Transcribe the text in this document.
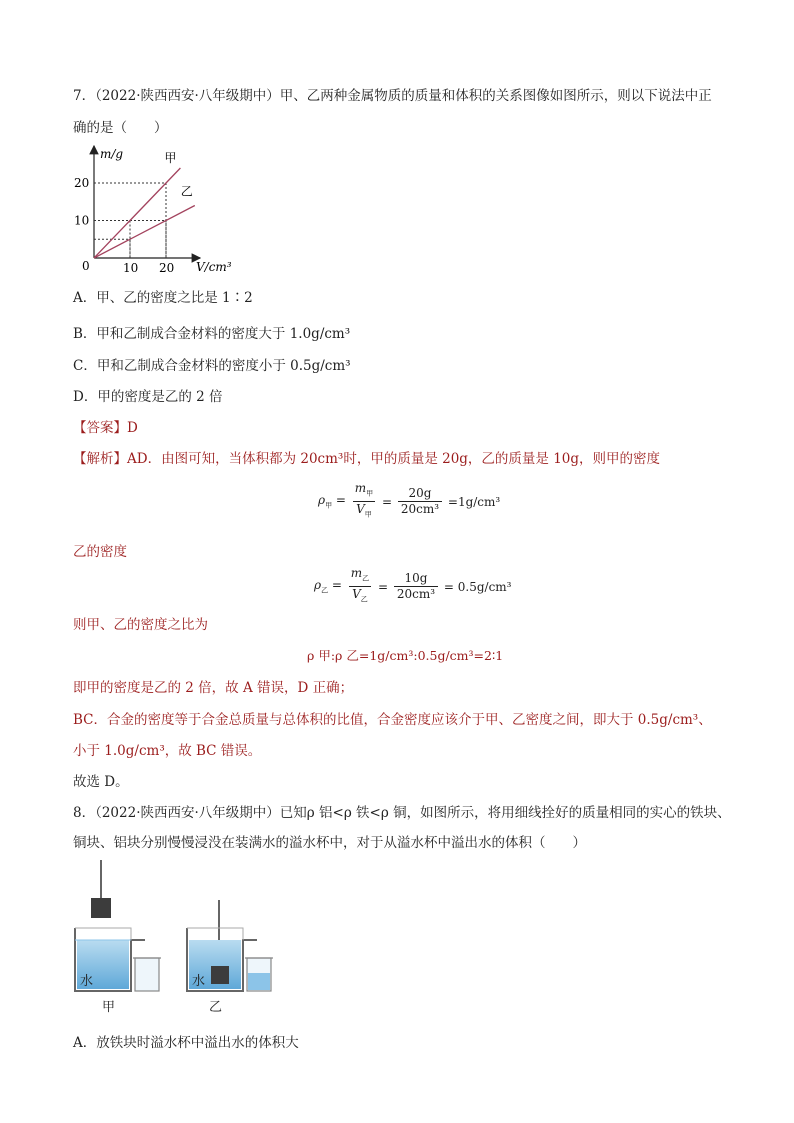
7．（2022·陕西西安·八年级期中）甲、乙两种金属物质的质量和体积的关系图像如图所示，则以下说法中正
确的是（　　）
10 20
10
20
甲
乙
m/g
V/cm³
0
A．甲、乙的密度之比是 1∶2
B．甲和乙制成合金材料的密度大于 1.0g/cm³
C．甲和乙制成合金材料的密度小于 0.5g/cm³
D．甲的密度是乙的 2 倍
【答案】D
【解析】AD．由图可知，当体积都为 20cm³时，甲的质量是 20g，乙的质量是 10g，则甲的密度
$\rho_甲 = \frac{m_甲}{V_甲} = \frac{20g}{\text{20cm³}} =1g/cm^3$
乙的密度
$\rho_乙 = \frac{m_乙}{V_乙} = \frac{10g}{\text{20cm³}} = 0.5g/cm^3$
则甲、乙的密度之比为
ρ 甲:ρ 乙=1g/cm³:0.5g/cm³=2∶1
即甲的密度是乙的 2 倍，故 A 错误，D 正确；
BC．合金的密度等于合金总质量与总体积的比值，合金密度应该介于甲、乙密度之间，即大于 0.5g/cm³、
小于 1.0g/cm³，故 BC 错误。
故选 D。
8．（2022·陕西西安·八年级期中）已知ρ 铝<ρ 铁<ρ 铜，如图所示，将用细线拴好的质量相同的实心的铁块、
铜块、铝块分别慢慢浸没在装满水的溢水杯中，对于从溢水杯中溢出水的体积（　　）
水
甲
水
乙
A．放铁块时溢水杯中溢出水的体积大
